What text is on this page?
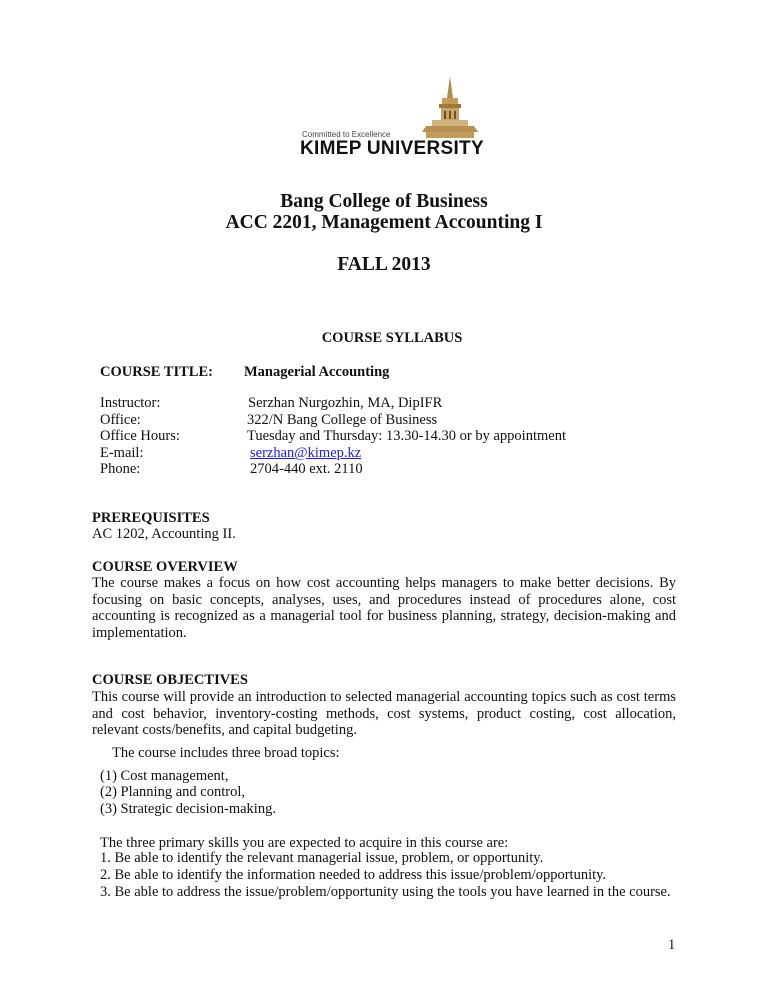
Committed to Excellence
KIMEP UNIVERSITY
Bang College of Business
ACC 2201, Management Accounting I
FALL 2013
COURSE SYLLABUS
COURSE TITLE: Managerial Accounting
Instructor:	Serzhan Nurgozhin, MA, DipIFR
Office:	322/N Bang College of Business
Office Hours:	Tuesday and Thursday: 13.30-14.30 or by appointment
E-mail:	serzhan@kimep.kz
Phone:	2704-440 ext. 2110
PREREQUISITES
AC 1202, Accounting II.
COURSE OVERVIEW
The course makes a focus on how cost accounting helps managers to make better decisions. By focusing on basic concepts, analyses, uses, and procedures instead of procedures alone, cost accounting is recognized as a managerial tool for business planning, strategy, decision-making and implementation.
COURSE OBJECTIVES
This course will provide an introduction to selected managerial accounting topics such as cost terms and cost behavior, inventory-costing methods, cost systems, product costing, cost allocation, relevant costs/benefits, and capital budgeting.
The course includes three broad topics:
(1) Cost management,
(2) Planning and control,
(3) Strategic decision-making.
The three primary skills you are expected to acquire in this course are:
1. Be able to identify the relevant managerial issue, problem, or opportunity.
2. Be able to identify the information needed to address this issue/problem/opportunity.
3. Be able to address the issue/problem/opportunity using the tools you have learned in the course.
1
